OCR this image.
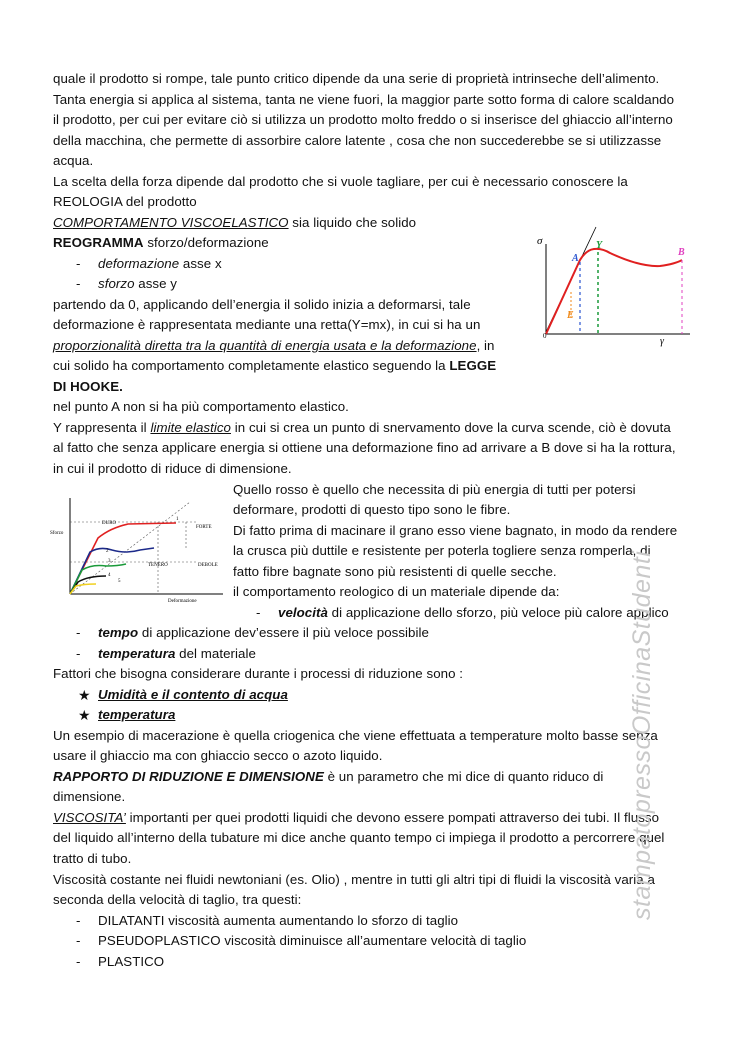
quale il prodotto si rompe, tale punto critico dipende da una serie di proprietà intrinseche dell’alimento.
Tanta energia si applica al sistema, tanta ne viene fuori, la maggior parte sotto forma di calore scaldando
il prodotto, per cui per evitare ciò si utilizza un prodotto molto freddo o si inserisce del ghiaccio all’interno
della macchina, che permette di assorbire calore latente , cosa che non succederebbe se si utilizzasse
acqua.
La scelta della forza dipende dal prodotto che si vuole tagliare, per cui è necessario conoscere la
REOLOGIA del prodotto
COMPORTAMENTO VISCOELASTICO sia liquido che solido
REOGRAMMA sforzo/deformazione
- deformazione asse x
- sforzo asse y
partendo da 0, applicando dell’energia il solido inizia a deformarsi, tale
deformazione è rappresentata mediante una retta(Y=mx), in cui si ha un
proporzionalità diretta tra la quantità di energia usata e la deformazione, in
cui solido ha comportamento completamente elastico seguendo la LEGGE
DI HOOKE.
nel punto A non si ha più comportamento elastico.
Y rappresenta il limite elastico in cui si crea un punto di snervamento dove la curva scende, ciò è dovuta
al fatto che senza applicare energia si ottiene una deformazione fino ad arrivare a B dove si ha la rottura,
in cui il prodotto di riduce di dimensione.
Quello rosso è quello che necessita di più energia di tutti per potersi
deformare, prodotti di questo tipo sono le fibre.
Di fatto prima di macinare il grano esso viene bagnato, in modo da rendere
la crusca più duttile e resistente per poterla togliere senza romperla, di
fatto fibre bagnate sono più resistenti di quelle secche.
il comportamento reologico di un materiale dipende da:
- velocità di applicazione dello sforzo, più veloce più calore applico
- tempo di applicazione dev’essere il più veloce possibile
- temperatura del materiale
Fattori che bisogna considerare durante i processi di riduzione sono :
★ Umidità e il contento di acqua
★ temperatura
Un esempio di macerazione è quella criogenica che viene effettuata a temperature molto basse senza
usare il ghiaccio ma con ghiaccio secco o azoto liquido.
RAPPORTO DI RIDUZIONE E DIMENSIONE è un parametro che mi dice di quanto riduco di
dimensione.
VISCOSITA’ importanti per quei prodotti liquidi che devono essere pompati attraverso dei tubi. Il flusso
del liquido all’interno della tubature mi dice anche quanto tempo ci impiega il prodotto a percorrere quel
tratto di tubo.
Viscosità costante nei fluidi newtoniani (es. Olio) , mentre in tutti gli altri tipi di fluidi la viscosità varia a
seconda della velocità di taglio, tra questi:
- DILATANTI viscosità aumenta aumentando lo sforzo di taglio
- PSEUDOPLASTICO viscosità diminuisce all’aumentare velocità di taglio
- PLASTICO
σ
0	γ
A
Y
B
E
Sforzo
Deformazione
DURO
TENERO
FORTE
DEBOLE
1
2
3
4
5	stampatopressoOfficinaStudenti
